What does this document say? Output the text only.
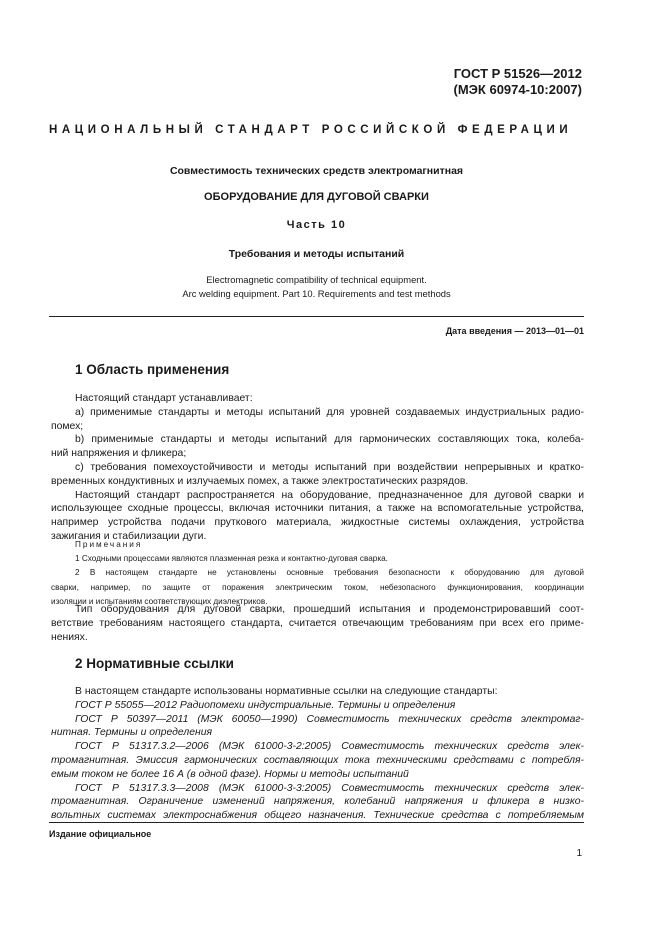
ГОСТ Р 51526—2012
(МЭК 60974-10:2007)
НАЦИОНАЛЬНЫЙ СТАНДАРТ РОССИЙСКОЙ ФЕДЕРАЦИИ
Совместимость технических средств электромагнитная
ОБОРУДОВАНИЕ ДЛЯ ДУГОВОЙ СВАРКИ
Часть 10
Требования и методы испытаний
Electromagnetic compatibility of technical equipment.
Arc welding equipment. Part 10. Requirements and test methods
Дата введения — 2013—01—01
1 Область применения
Настоящий стандарт устанавливает:
а) применимые стандарты и методы испытаний для уровней создаваемых индустриальных радио-
помех;
b) применимые стандарты и методы испытаний для гармонических составляющих тока, колеба-
ний напряжения и фликера;
с) требования помехоустойчивости и методы испытаний при воздействии непрерывных и кратко-
временных кондуктивных и излучаемых помех, а также электростатических разрядов.
Настоящий стандарт распространяется на оборудование, предназначенное для дуговой сварки и
использующее сходные процессы, включая источники питания, а также на вспомогательные устройства,
например устройства подачи пруткового материала, жидкостные системы охлаждения, устройства
зажигания и стабилизации дуги.
Примечания
1 Сходными процессами являются плазменная резка и контактно-дуговая сварка.
2 В настоящем стандарте не установлены основные требования безопасности к оборудованию для дуговой
сварки, например, по защите от поражения электрическим током, небезопасного функционирования, координации
изоляции и испытаниям соответствующих диэлектриков.
Тип оборудования для дуговой сварки, прошедший испытания и продемонстрировавший соот-
ветствие требованиям настоящего стандарта, считается отвечающим требованиям при всех его приме-
нениях.
2 Нормативные ссылки
В настоящем стандарте использованы нормативные ссылки на следующие стандарты:
ГОСТ Р 55055—2012 Радиопомехи индустриальные. Термины и определения
ГОСТ Р 50397—2011 (МЭК 60050—1990) Совместимость технических средств электромаг-
нитная. Термины и определения
ГОСТ Р 51317.3.2—2006 (МЭК 61000-3-2:2005) Совместимость технических средств элек-
тромагнитная. Эмиссия гармонических составляющих тока техническими средствами с потребля-
емым током не более 16 А (в одной фазе). Нормы и методы испытаний
ГОСТ Р 51317.3.3—2008 (МЭК 61000-3-3:2005) Совместимость технических средств элек-
тромагнитная. Ограничение изменений напряжения, колебаний напряжения и фликера в низко-
вольтных системах электроснабжения общего назначения. Технические средства с потребляемым
Издание официальное
1
